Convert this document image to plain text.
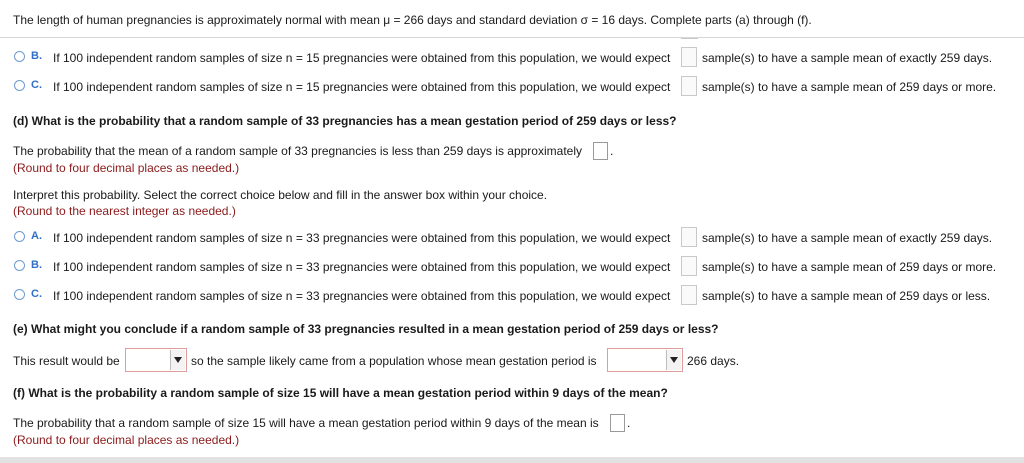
The length of human pregnancies is approximately normal with mean μ = 266 days and standard deviation σ = 16 days. Complete parts (a) through (f).
B. If 100 independent random samples of size n = 15 pregnancies were obtained from this population, we would expect	sample(s) to have a sample mean of exactly 259 days.
C. If 100 independent random samples of size n = 15 pregnancies were obtained from this population, we would expect	sample(s) to have a sample mean of 259 days or more.
(d) What is the probability that a random sample of 33 pregnancies has a mean gestation period of 259 days or less?
The probability that the mean of a random sample of 33 pregnancies is less than 259 days is approximately .
(Round to four decimal places as needed.)
Interpret this probability. Select the correct choice below and fill in the answer box within your choice.
(Round to the nearest integer as needed.)
A. If 100 independent random samples of size n = 33 pregnancies were obtained from this population, we would expect	sample(s) to have a sample mean of exactly 259 days.
B. If 100 independent random samples of size n = 33 pregnancies were obtained from this population, we would expect	sample(s) to have a sample mean of 259 days or more.
C. If 100 independent random samples of size n = 33 pregnancies were obtained from this population, we would expect	sample(s) to have a sample mean of 259 days or less.
(e) What might you conclude if a random sample of 33 pregnancies resulted in a mean gestation period of 259 days or less?
This result would be	so the sample likely came from a population whose mean gestation period is	266 days.
(f) What is the probability a random sample of size 15 will have a mean gestation period within 9 days of the mean?
The probability that a random sample of size 15 will have a mean gestation period within 9 days of the mean is .
(Round to four decimal places as needed.)
